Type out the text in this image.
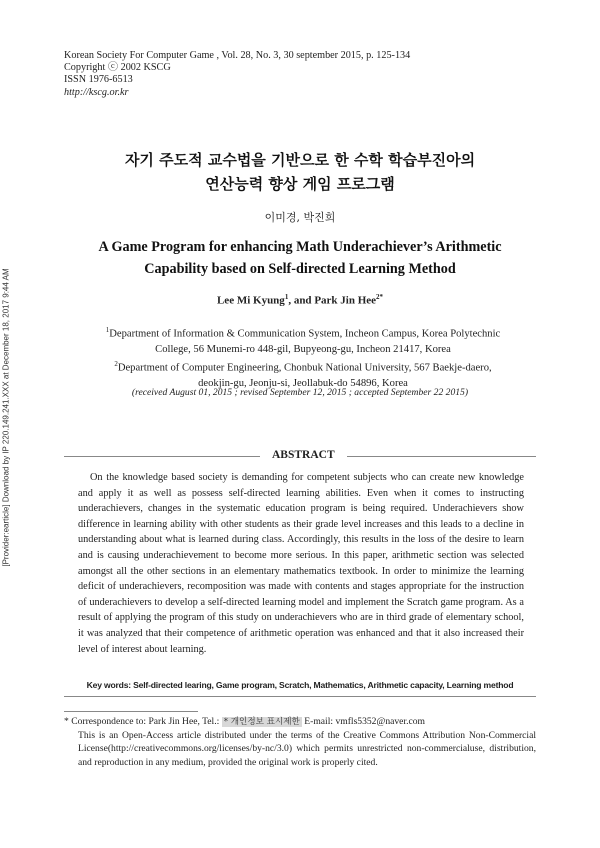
Korean Society For Computer Game , Vol. 28, No. 3, 30 september 2015, p. 125-134
Copyright ⓒ 2002 KSCG
ISSN 1976-6513
http://kscg.or.kr
[Provider:earticle] Download by IP 220.149.241.XXX at December 18, 2017 9:44 AM
자기 주도적 교수법을 기반으로 한 수학 학습부진아의
연산능력 향상 게임 프로그램
이미경, 박진희
A Game Program for enhancing Math Underachiever’s Arithmetic
Capability based on Self-directed Learning Method
Lee Mi Kyung$^1$, and Park Jin Hee$^{2*}$
$^1$Department of Information & Communication System, Incheon Campus, Korea Polytechnic
College, 56 Munemi-ro 448-gil, Bupyeong-gu, Incheon 21417, Korea
$^2$Department of Computer Engineering, Chonbuk National University, 567 Baekje-daero,
deokjin-gu, Jeonju-si, Jeollabuk-do 54896, Korea
(received August 01, 2015 ; revised September 12, 2015 ; accepted September 22 2015)
ABSTRACT

On the knowledge based society is demanding for competent subjects who can create new knowledge and apply it as well as possess self-directed learning abilities. Even when it comes to instructing underachievers, changes in the systematic education program is being required. Underachievers show difference in learning ability with other students as their grade level increases and this leads to a decline in understanding about what is learned during class. Accordingly, this results in the loss of the desire to learn and is causing underachievement to become more serious. In this paper, arithmetic section was selected amongst all the other sections in an elementary mathematics textbook. In order to minimize the learning deficit of underachievers, recomposition was made with contents and stages appropriate for the instruction of underachievers to develop a self-directed learning model and implement the Scratch game program. As a result of applying the program of this study on underachievers who are in third grade of elementary school, it was analyzed that their competence of arithmetic operation was enhanced and that it also increased their level of interest about learning.

Key words: Self-directed learing, Game program, Scratch, Mathematics, Arithmetic capacity, Learning method
* Correspondence to: Park Jin Hee, Tel.: * 개인정보 표시제한 E-mail: vmfls5352@naver.com
This is an Open-Access article distributed under the terms of the Creative Commons Attribution Non-Commercial License(http://creativecommons.org/licenses/by-nc/3.0) which permits unrestricted non-commercialuse, distribution, and reproduction in any medium, provided the original work is properly cited.
